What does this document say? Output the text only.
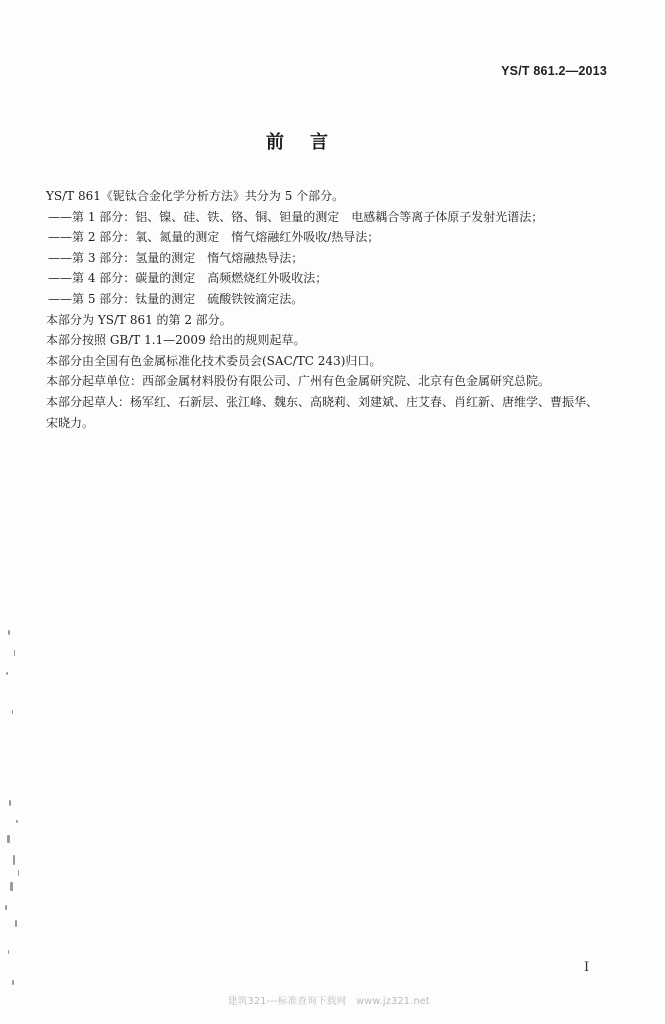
YS/T 861.2—2013
前言
YS/T 861《铌钛合金化学分析方法》共分为 5 个部分。
——第 1 部分：铝、镍、硅、铁、铬、铜、钽量的测定　电感耦合等离子体原子发射光谱法；
——第 2 部分：氧、氮量的测定　惰气熔融红外吸收/热导法；
——第 3 部分：氢量的测定　惰气熔融热导法；
——第 4 部分：碳量的测定　高频燃烧红外吸收法；
——第 5 部分：钛量的测定　硫酸铁铵滴定法。
本部分为 YS/T 861 的第 2 部分。
本部分按照 GB/T 1.1—2009 给出的规则起草。
本部分由全国有色金属标准化技术委员会(SAC/TC 243)归口。
本部分起草单位：西部金属材料股份有限公司、广州有色金属研究院、北京有色金属研究总院。
本部分起草人：杨军红、石新层、张江峰、魏东、高晓莉、刘建斌、庄艾春、肖红新、唐维学、曹振华、
宋晓力。
I
建筑321---标准查询下载网　www.jz321.net
